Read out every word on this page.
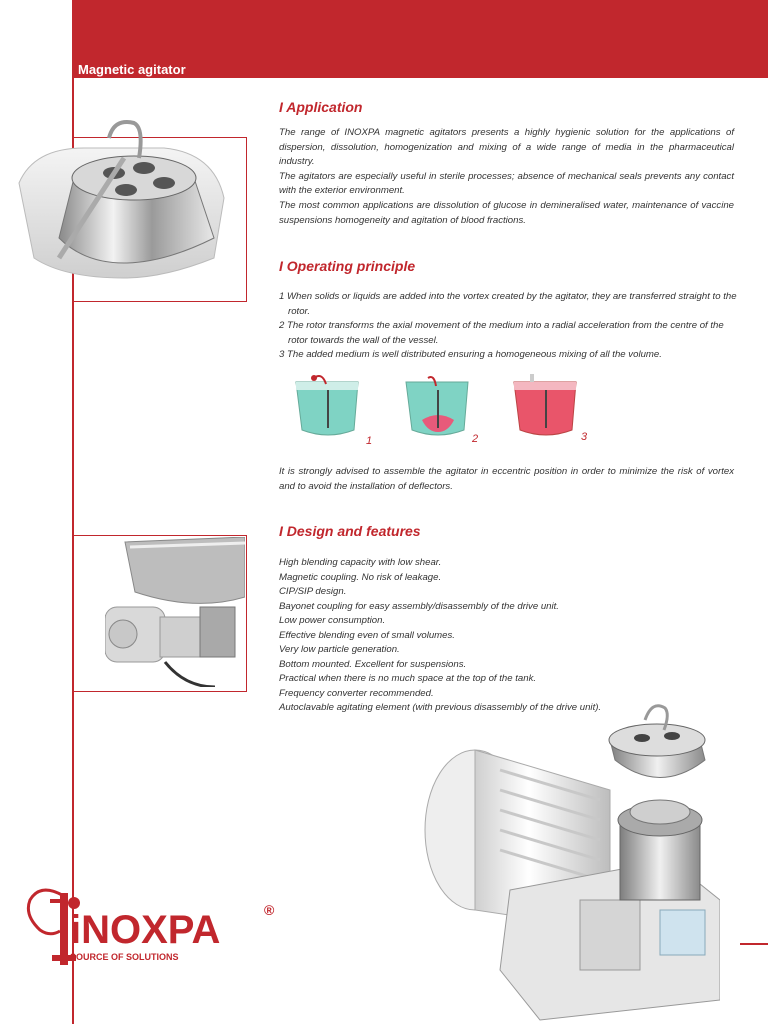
Magnetic agitator
I Application

The range of INOXPA magnetic agitators presents a highly hygienic solution for the applications of dispersion, dissolution, homogenization and mixing of a wide range of media in the pharmaceutical industry.

The agitators are especially useful in sterile processes; absence of mechanical seals prevents any contact with the exterior environment.

The most common applications are dissolution of glucose in demineralised water, maintenance of vaccine suspensions homogeneity and agitation of blood fractions.

I Operating principle
1 When solids or liquids are added into the vortex created by the agitator, they are transferred straight to the rotor.
2 The rotor transforms the axial movement of the medium into a radial acceleration from the centre of the rotor towards the wall of the vessel.
3 The added medium is well distributed ensuring a homogeneous mixing of all the volume.
1	2	3
It is strongly advised to assemble the agitator in eccentric position in order to minimize the risk of vortex and to avoid the installation of deflectors.
I Design and features
High blending capacity with low shear.
Magnetic coupling. No risk of leakage.
CIP/SIP design.
Bayonet coupling for easy assembly/disassembly of the drive unit.
Low power consumption.
Effective blending even of small volumes.
Very low particle generation.
Bottom mounted. Excellent for suspensions.
Practical when there is no much space at the top of the tank.
Frequency converter recommended.
Autoclavable agitating element (with previous disassembly of the drive unit).
iNOXPA	®
SOURCE OF SOLUTIONS
